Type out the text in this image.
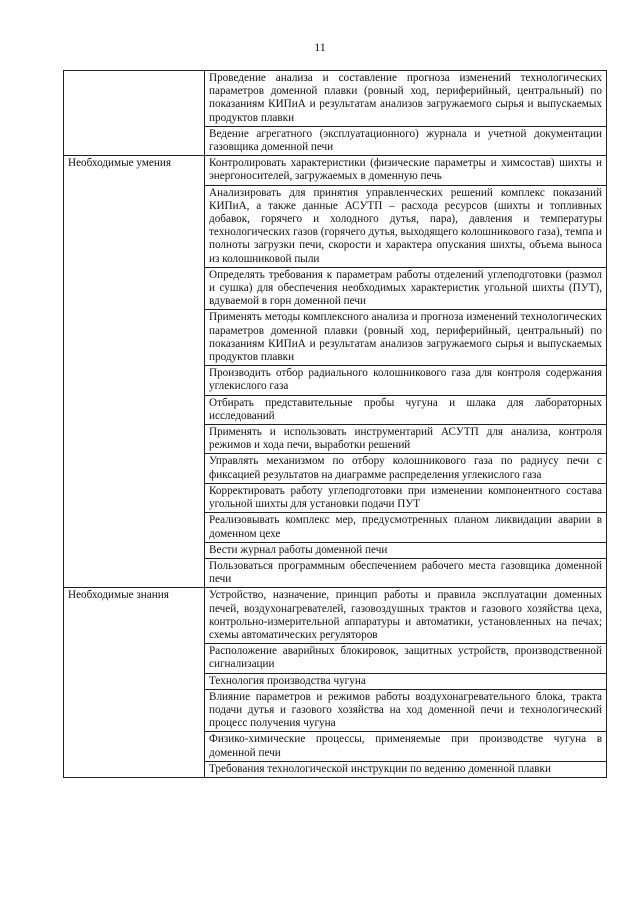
11
	Проведение анализа и составление прогноза изменений технологических параметров доменной плавки (ровный ход, периферийный, центральный) по показаниям КИПиА и результатам анализов загружаемого сырья и выпускаемых продуктов плавки
	Ведение агрегатного (эксплуатационного) журнала и учетной документации газовщика доменной печи
Необходимые умения	Контролировать характеристики (физические параметры и химсостав) шихты и энергоносителей, загружаемых в доменную печь
	Анализировать для принятия управленческих решений комплекс показаний КИПиА, а также данные АСУТП – расхода ресурсов (шихты и топливных добавок, горячего и холодного дутья, пара), давления и температуры технологических газов (горячего дутья, выходящего колошникового газа), темпа и полноты загрузки печи, скорости и характера опускания шихты, объема выноса из колошниковой пыли
	Определять требования к параметрам работы отделений углеподготовки (размол и сушка) для обеспечения необходимых характеристик угольной шихты (ПУТ), вдуваемой в горн доменной печи
	Применять методы комплексного анализа и прогноза изменений технологических параметров доменной плавки (ровный ход, периферийный, центральный) по показаниям КИПиА и результатам анализов загружаемого сырья и выпускаемых продуктов плавки
	Производить отбор радиального колошникового газа для контроля содержания углекислого газа
	Отбирать представительные пробы чугуна и шлака для лабораторных исследований
	Применять и использовать инструментарий АСУТП для анализа, контроля режимов и хода печи, выработки решений
	Управлять механизмом по отбору колошникового газа по радиусу печи с фиксацией результатов на диаграмме распределения углекислого газа
	Корректировать работу углеподготовки при изменении компонентного состава угольной шихты для установки подачи ПУТ
	Реализовывать комплекс мер, предусмотренных планом ликвидации аварии в доменном цехе
	Вести журнал работы доменной печи
	Пользоваться программным обеспечением рабочего места газовщика доменной печи
Необходимые знания	Устройство, назначение, принцип работы и правила эксплуатации доменных печей, воздухонагревателей, газовоздушных трактов и газового хозяйства цеха, контрольно-измерительной аппаратуры и автоматики, установленных на печах; схемы автоматических регуляторов
	Расположение аварийных блокировок, защитных устройств, производственной сигнализации
	Технология производства чугуна
	Влияние параметров и режимов работы воздухонагревательного блока, тракта подачи дутья и газового хозяйства на ход доменной печи и технологический процесс получения чугуна
	Физико-химические процессы, применяемые при производстве чугуна в доменной печи
	Требования технологической инструкции по ведению доменной плавки
